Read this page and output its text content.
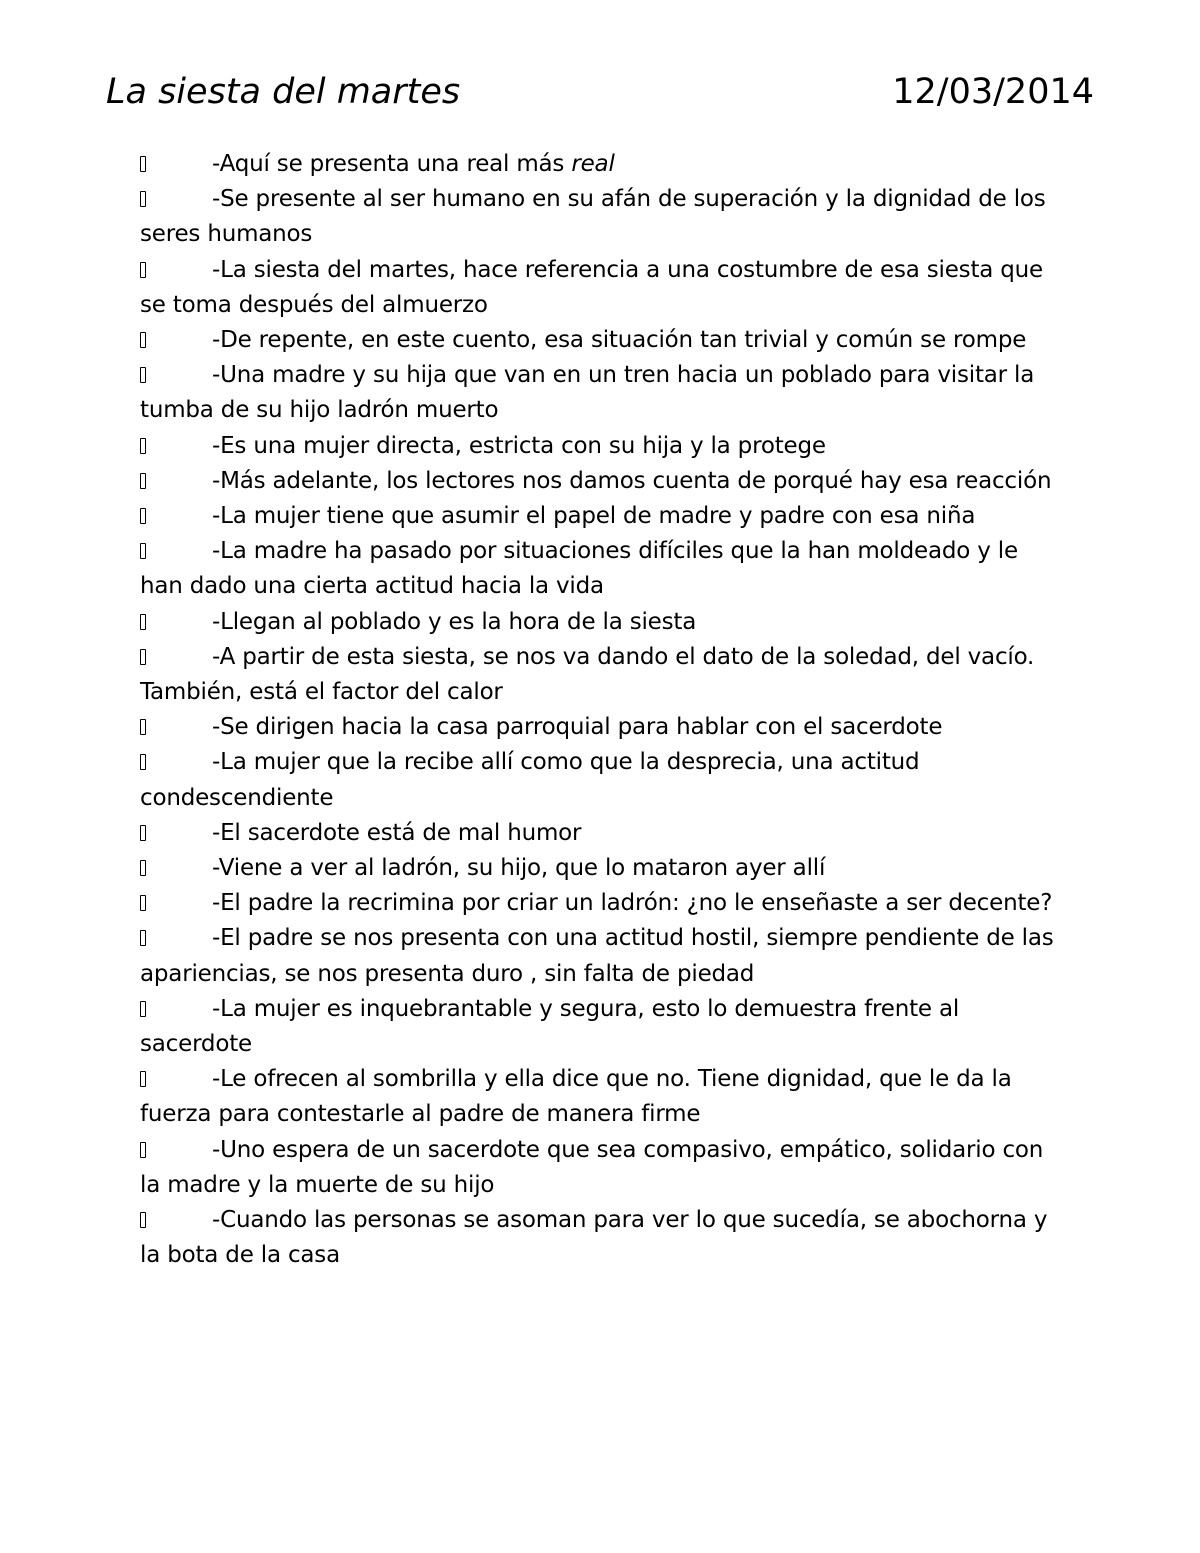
La siesta del martes	12/03/2014

-Aquí se presenta una real más real

-Se presente al ser humano en su afán de superación y la dignidad de los seres humanos

-La siesta del martes, hace referencia a una costumbre de esa siesta que se toma después del almuerzo

-De repente, en este cuento, esa situación tan trivial y común se rompe

-Una madre y su hija que van en un tren hacia un poblado para visitar la tumba de su hijo ladrón muerto

-Es una mujer directa, estricta con su hija y la protege

-Más adelante, los lectores nos damos cuenta de porqué hay esa reacción

-La mujer tiene que asumir el papel de madre y padre con esa niña

-La madre ha pasado por situaciones difíciles que la han moldeado y le han dado una cierta actitud hacia la vida

-Llegan al poblado y es la hora de la siesta

-A partir de esta siesta, se nos va dando el dato de la soledad, del vacío. También, está el factor del calor

-Se dirigen hacia la casa parroquial para hablar con el sacerdote

-La mujer que la recibe allí como que la desprecia, una actitud condescendiente

-El sacerdote está de mal humor

-Viene a ver al ladrón, su hijo, que lo mataron ayer allí

-El padre la recrimina por criar un ladrón: ¿no le enseñaste a ser decente?

-El padre se nos presenta con una actitud hostil, siempre pendiente de las apariencias, se nos presenta duro , sin falta de piedad

-La mujer es inquebrantable y segura, esto lo demuestra frente al sacerdote

-Le ofrecen al sombrilla y ella dice que no. Tiene dignidad, que le da la fuerza para contestarle al padre de manera firme

-Uno espera de un sacerdote que sea compasivo, empático, solidario con la madre y la muerte de su hijo

-Cuando las personas se asoman para ver lo que sucedía, se abochorna y la bota de la casa
